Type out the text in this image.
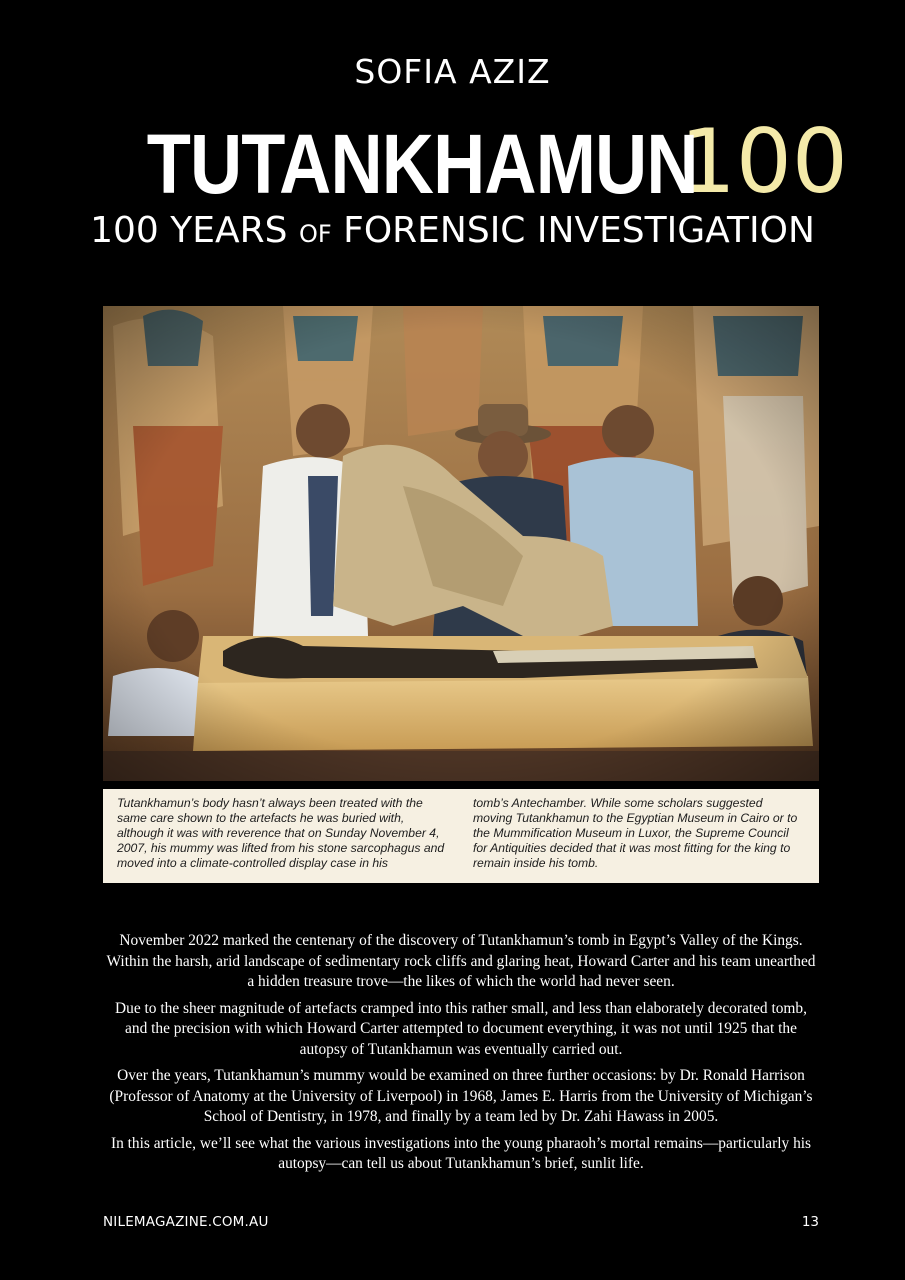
SOFIA AZIZ
TUTANKHAMUN100
100 YEARS OF FORENSIC INVESTIGATION
Tutankhamun’s body hasn’t always been treated with the same care shown to the artefacts he was buried with, although it was with reverence that on Sunday November 4, 2007, his mummy was lifted from his stone sarcophagus and moved into a climate-controlled display case in his
tomb’s Antechamber. While some scholars suggested moving Tutankhamun to the Egyptian Museum in Cairo or to the Mummification Museum in Luxor, the Supreme Council for Antiquities decided that it was most fitting for the king to remain inside his tomb.

November 2022 marked the centenary of the discovery of Tutankhamun’s tomb in Egypt’s Valley of the Kings. Within the harsh, arid landscape of sedimentary rock cliffs and glaring heat, Howard Carter and his team unearthed a hidden treasure trove—the likes of which the world had never seen.

Due to the sheer magnitude of artefacts cramped into this rather small, and less than elaborately decorated tomb, and the precision with which Howard Carter attempted to document everything, it was not until 1925 that the autopsy of Tutankhamun was eventually carried out.

Over the years, Tutankhamun’s mummy would be examined on three further occasions: by Dr. Ronald Harrison (Professor of Anatomy at the University of Liverpool) in 1968, James E. Harris from the University of Michigan’s School of Dentistry, in 1978, and finally by a team led by Dr. Zahi Hawass in 2005.

In this article, we’ll see what the various investigations into the young pharaoh’s mortal remains—particularly his autopsy—can tell us about Tutankhamun’s brief, sunlit life.

NILEMAGAZINE.COM.AU	13
